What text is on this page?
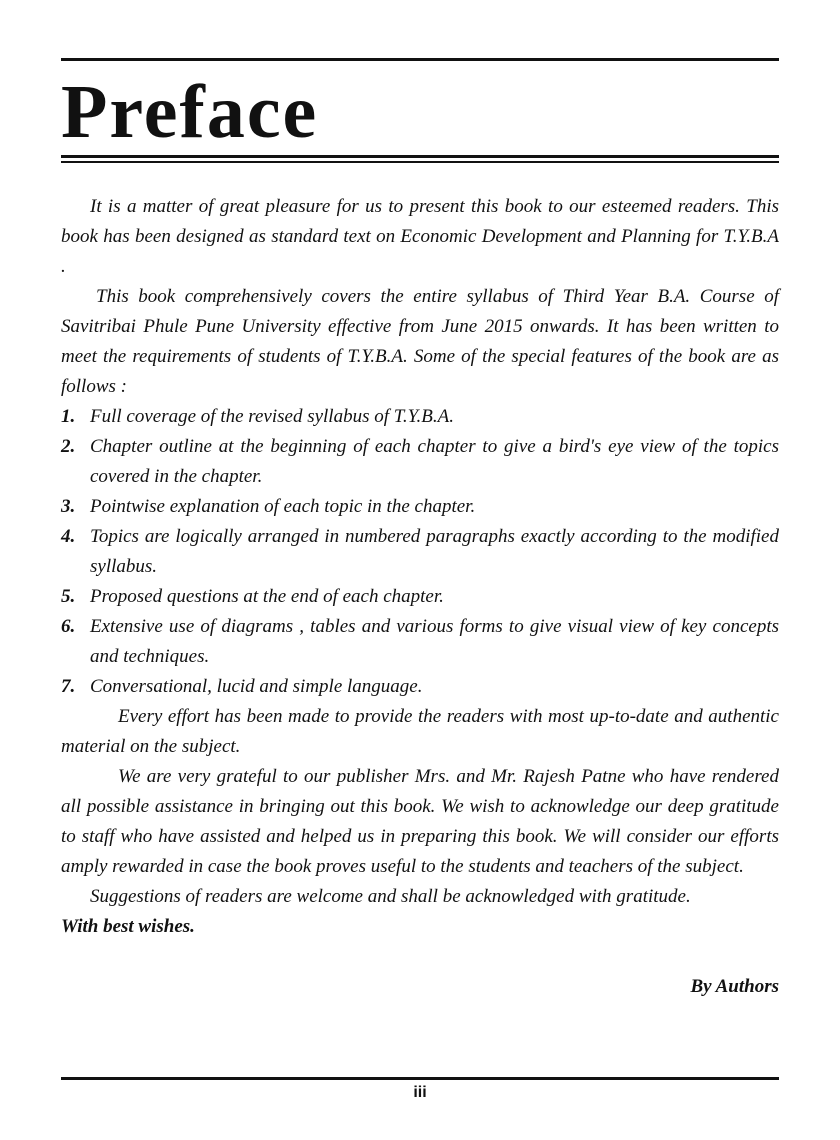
Preface

It is a matter of great pleasure for us to present this book to our esteemed readers. This book has been designed as standard text on Economic Development and Planning for T.Y.B.A .

This book comprehensively covers the entire syllabus of Third Year B.A. Course of Savitribai Phule Pune University effective from June 2015 onwards. It has been written to meet the requirements of students of T.Y.B.A. Some of the special features of the book are as follows :

1. Full coverage of the revised syllabus of T.Y.B.A.
2. Chapter outline at the beginning of each chapter to give a bird's eye view of the topics covered in the chapter.
3. Pointwise explanation of each topic in the chapter.
4. Topics are logically arranged in numbered paragraphs exactly according to the modified syllabus.
5. Proposed questions at the end of each chapter.
6. Extensive use of diagrams , tables and various forms to give visual view of key concepts and techniques.
7. Conversational, lucid and simple language.

Every effort has been made to provide the readers with most up-to-date and authentic material on the subject.

We are very grateful to our publisher Mrs. and Mr. Rajesh Patne who have rendered all possible assistance in bringing out this book. We wish to acknowledge our deep gratitude to staff who have assisted and helped us in preparing this book. We will consider our efforts amply rewarded in case the book proves useful to the students and teachers of the subject.

Suggestions of readers are welcome and shall be acknowledged with gratitude.

With best wishes.

By Authors

iii
